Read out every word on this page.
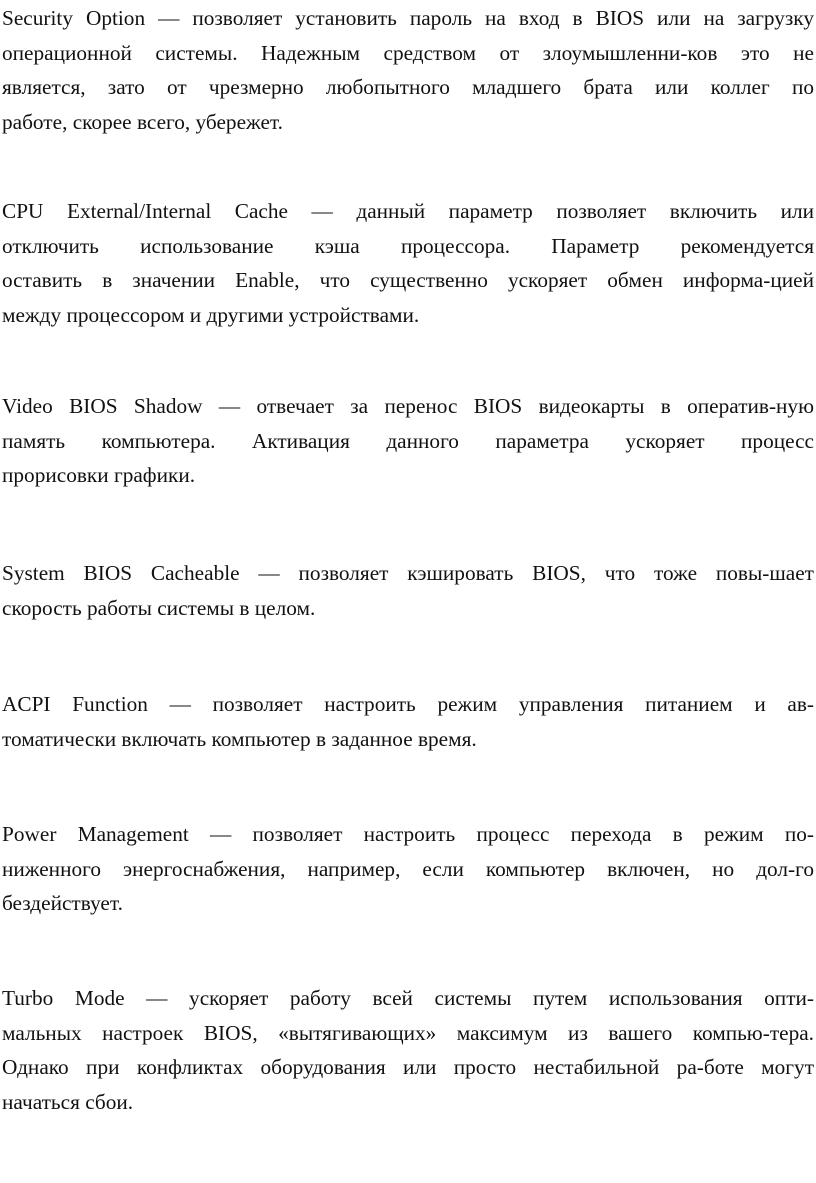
Security Option — позволяет установить пароль на вход в BIOS или на загрузку
операционной системы. Надежным средством от злоумышленни-ков это не
является, зато от чрезмерно любопытного младшего брата или коллег по
работе, скорее всего, убережет.

CPU External/Internal Cache — данный параметр позволяет включить или
отключить использование кэша процессора. Параметр рекомендуется
оставить в значении Enable, что существенно ускоряет обмен информа-цией
между процессором и другими устройствами.

Video BIOS Shadow — отвечает за перенос BIOS видеокарты в оператив-ную
память компьютера. Активация данного параметра ускоряет процесс
прорисовки графики.

System BIOS Cacheable — позволяет кэшировать BIOS, что тоже повы-шает
скорость работы системы в целом.

ACPI Function — позволяет настроить режим управления питанием и ав-
томатически включать компьютер в заданное время.

Power Management — позволяет настроить процесс перехода в режим по-
ниженного энергоснабжения, например, если компьютер включен, но дол-го
бездействует.

Turbo Mode — ускоряет работу всей системы путем использования опти-
мальных настроек BIOS, «вытягивающих» максимум из вашего компью-тера.
Однако при конфликтах оборудования или просто нестабильной ра-боте могут
начаться сбои.
